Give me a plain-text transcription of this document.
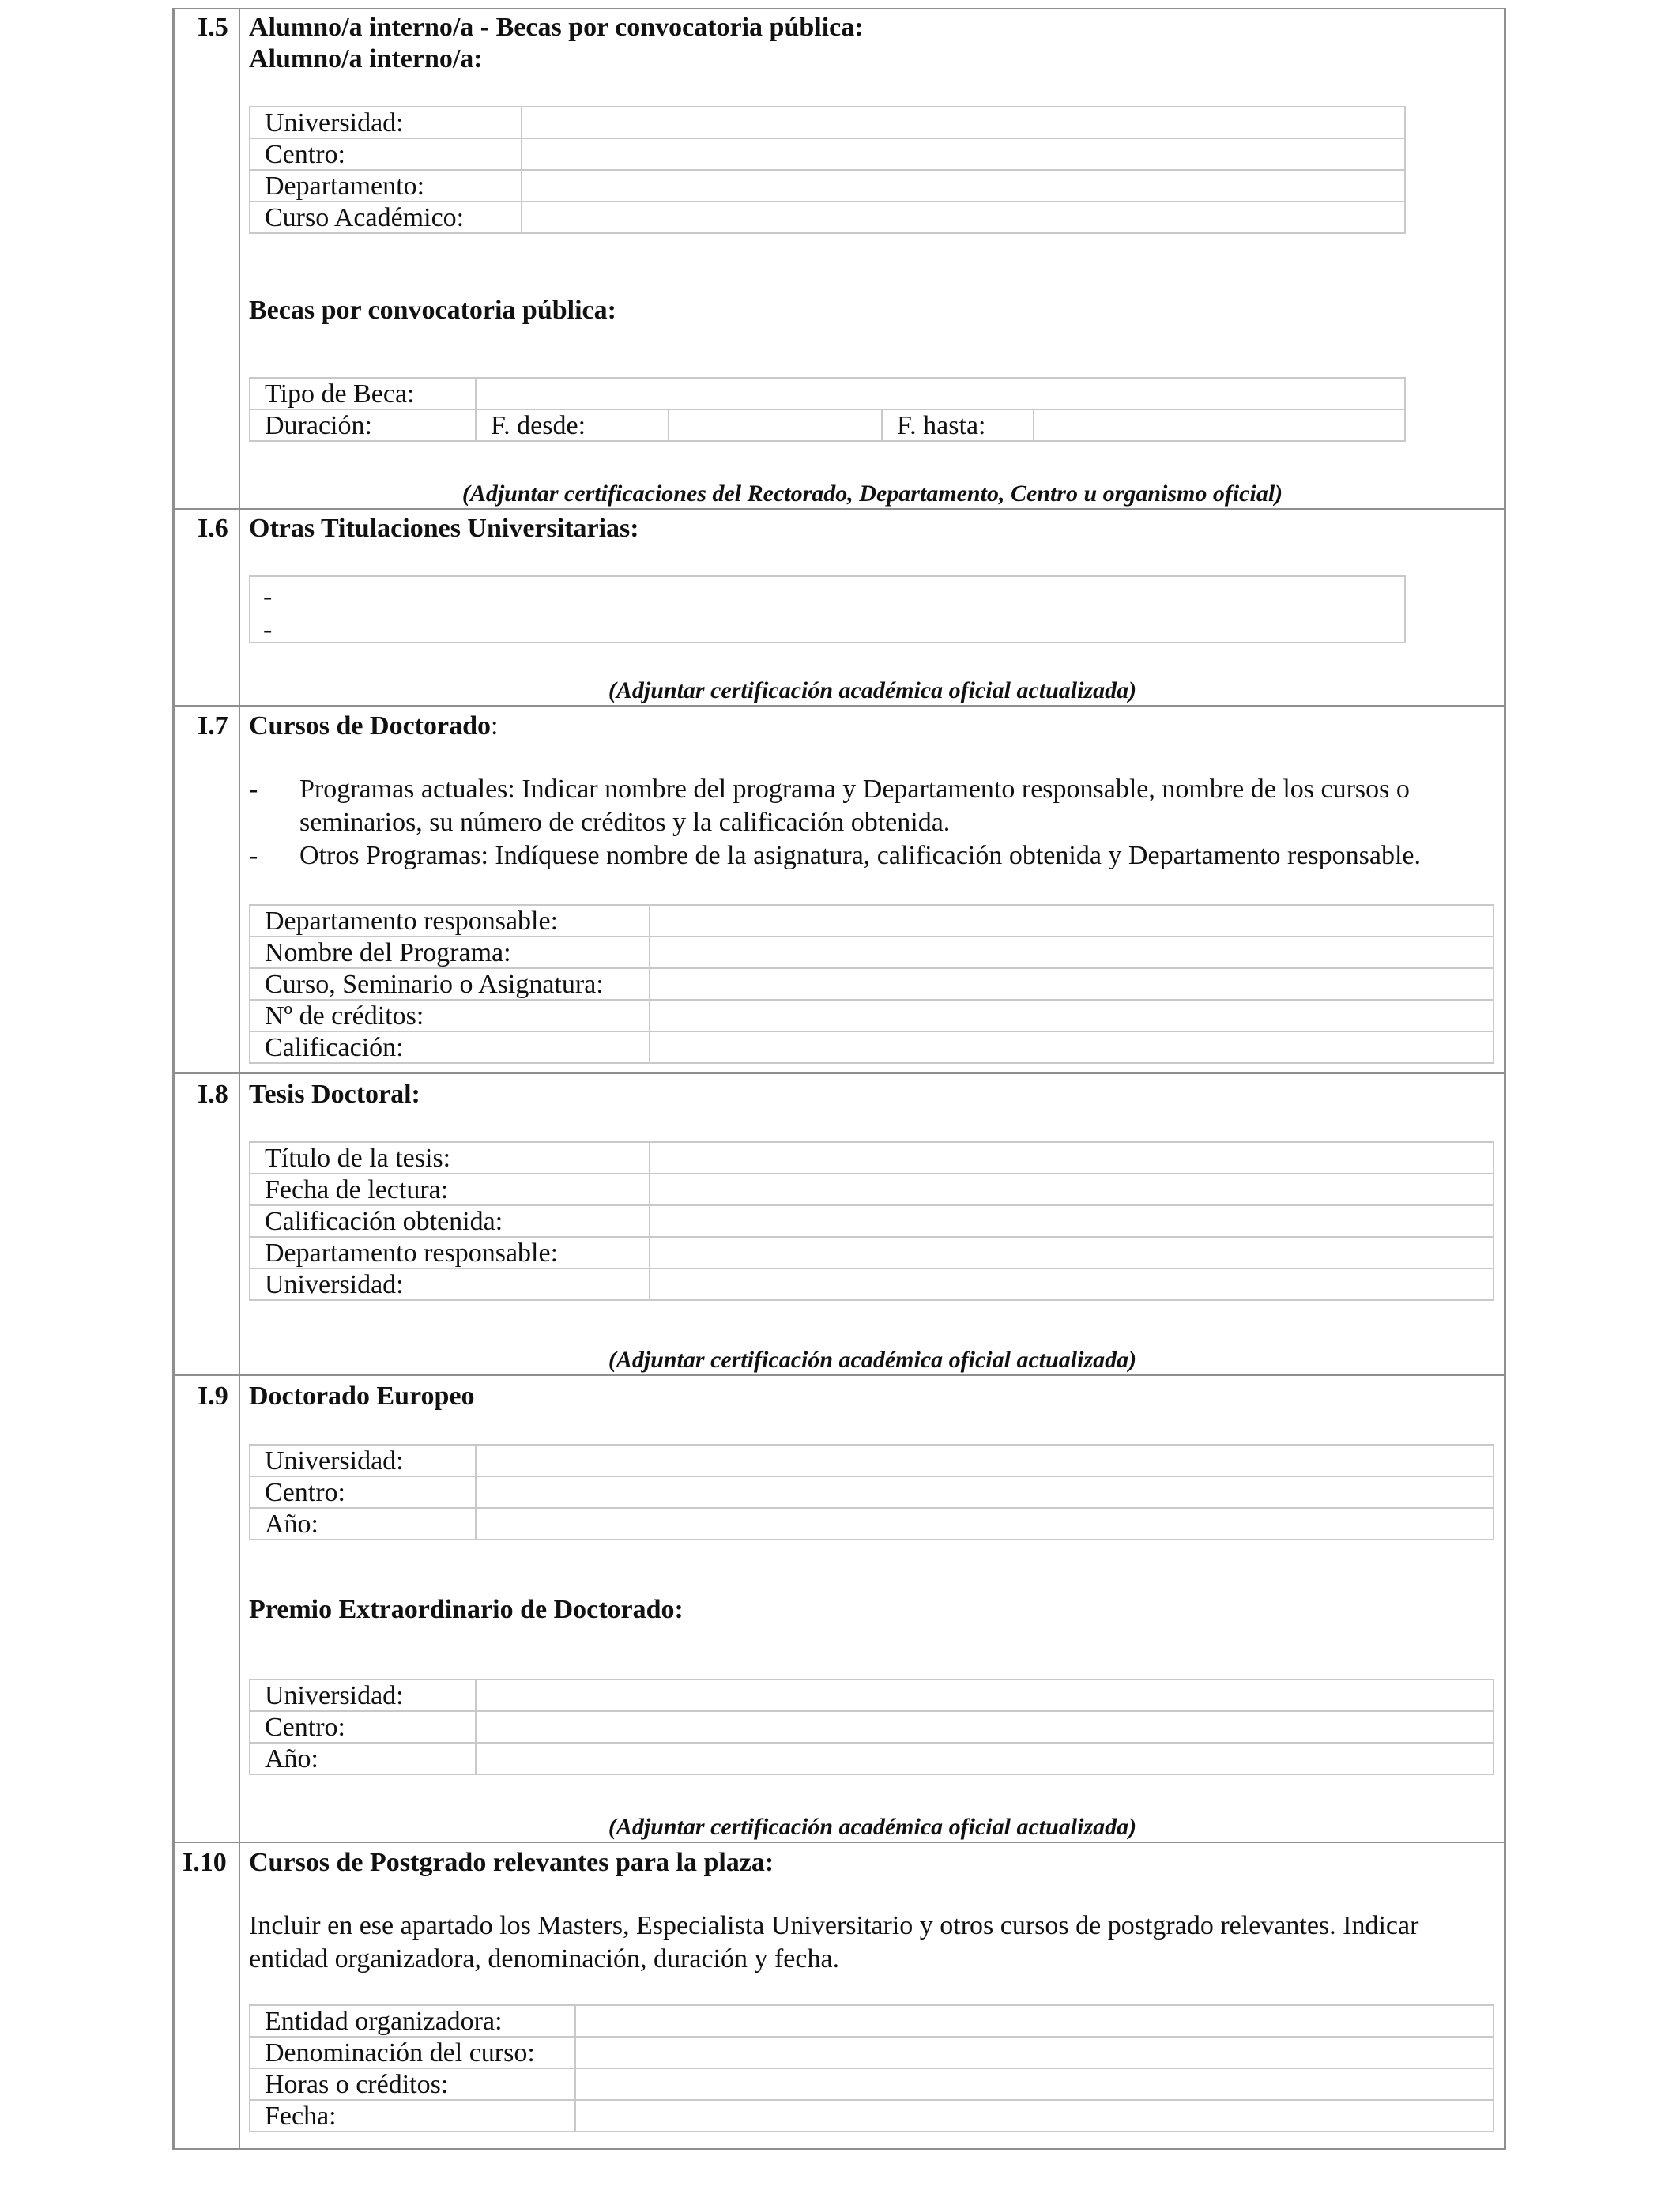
I.5 Alumno/a interno/a - Becas por convocatoria pública:
Alumno/a interno/a:
Universidad:	
Centro:	
Departamento:	
Curso Académico:	
Becas por convocatoria pública:
Tipo de Beca:				
Duración:	F. desde:		F. hasta:	
(Adjuntar certificaciones del Rectorado, Departamento, Centro u organismo oficial)
I.6 Otras Titulaciones Universitarias:
-
-
(Adjuntar certificación académica oficial actualizada)
I.7 Cursos de Doctorado:
- Programas actuales: Indicar nombre del programa y Departamento responsable, nombre de los cursos o seminarios, su número de créditos y la calificación obtenida.
- Otros Programas: Indíquese nombre de la asignatura, calificación obtenida y Departamento responsable.
Departamento responsable:	
Nombre del Programa:	
Curso, Seminario o Asignatura:	
Nº de créditos:	
Calificación:	
I.8 Tesis Doctoral:
Título de la tesis:	
Fecha de lectura:	
Calificación obtenida:	
Departamento responsable:	
Universidad:	
(Adjuntar certificación académica oficial actualizada)
I.9 Doctorado Europeo
Universidad:	
Centro:	
Año:	
Premio Extraordinario de Doctorado:
Universidad:	
Centro:	
Año:	
(Adjuntar certificación académica oficial actualizada)
I.10 Cursos de Postgrado relevantes para la plaza:
Incluir en ese apartado los Masters, Especialista Universitario y otros cursos de postgrado relevantes. Indicar entidad organizadora, denominación, duración y fecha.
Entidad organizadora:	
Denominación del curso:	
Horas o créditos:	
Fecha:	
